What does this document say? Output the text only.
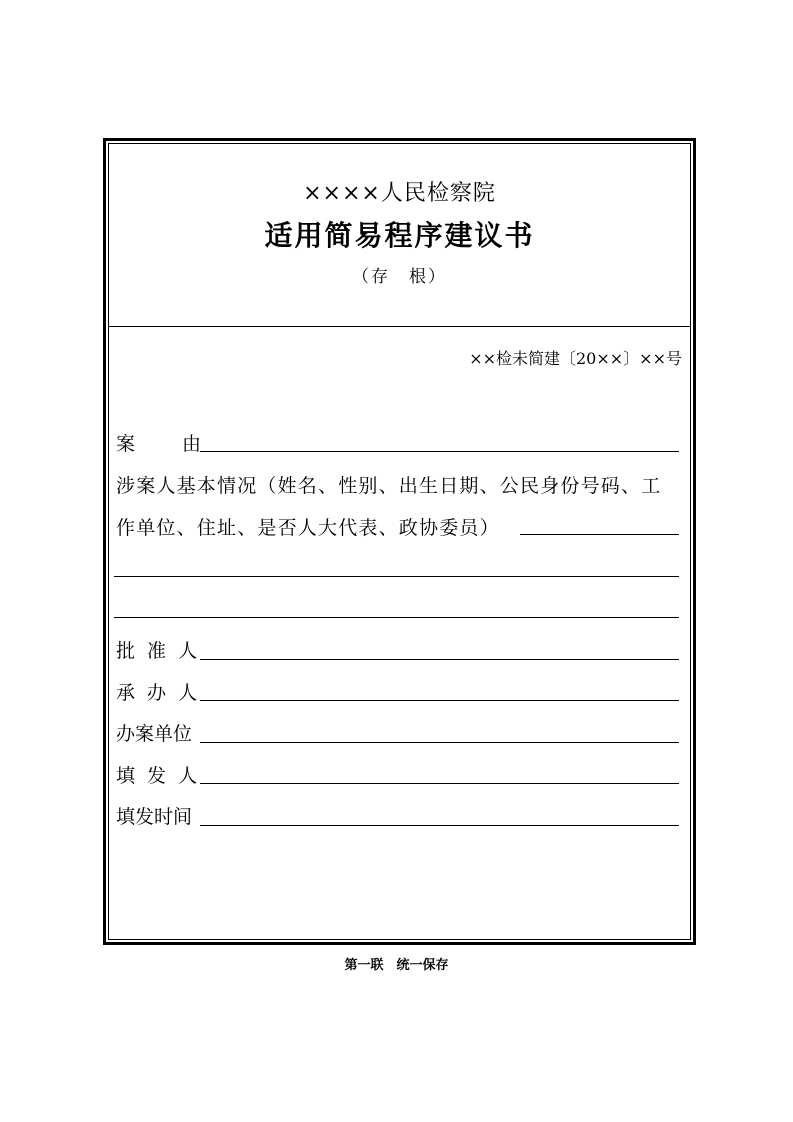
××××人民检察院
适用简易程序建议书
（存　根）
××检未简建〔20××〕××号
案　　由
涉案人基本情况（姓名、性别、出生日期、公民身份号码、工
作单位、住址、是否人大代表、政协委员）
批 准 人
承 办 人
办案单位
填 发 人
填发时间
第一联　统一保存
